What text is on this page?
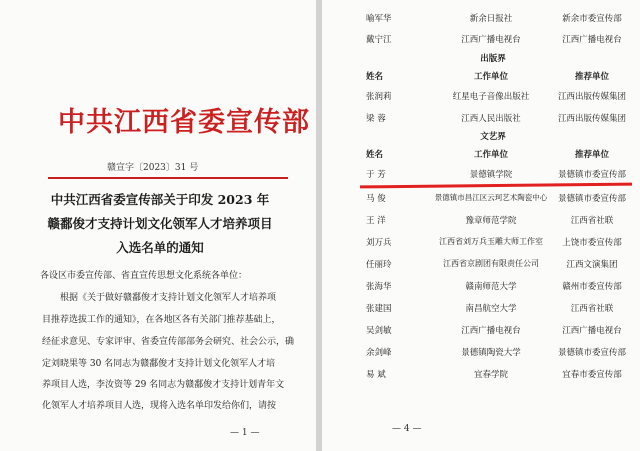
中共江西省委宣传部
赣宣字〔2023〕31 号
中共江西省委宣传部关于印发 2023 年
赣鄱俊才支持计划文化领军人才培养项目
入选名单的通知
各设区市委宣传部、省直宣传思想文化系统各单位：
根据《关于做好赣鄱俊才支持计划文化领军人才培养项
目推荐选拔工作的通知》，在各地区各有关部门推荐基础上，
经征求意见、专家评审、省委宣传部部务会研究、社会公示，确
定刘晓果等 30 名同志为赣鄱俊才支持计划文化领军人才培
养项目人选，李汝资等 29 名同志为赣鄱俊才支持计划青年文
化领军人才培养项目人选，现将入选名单印发给你们，请按
— 1 —
喻军华	新余日报社	新余市委宣传部
戴宁江	江西广播电视台	江西广播电视台
出版界
姓名	工作单位	推荐单位
张润莉	红星电子音像出版社	江西出版传媒集团
梁 蓉	江西人民出版社	江西出版传媒集团
文艺界
姓名	工作单位	推荐单位
于 芳	景德镇学院	景德镇市委宣传部
马 俊	景德镇市昌江区云珂艺术陶瓷中心	景德镇市委宣传部
王 洋	豫章师范学院	江西省社联
刘万兵	江西省刘万兵玉雕大师工作室	上饶市委宣传部
任丽玲	江西省京剧团有限责任公司	江西文演集团
张海华	赣南师范大学	赣州市委宣传部
张建国	南昌航空大学	江西省社联
吴剑敏	江西广播电视台	江西广播电视台
余剑峰	景德镇陶瓷大学	景德镇市委宣传部
易 斌	宜春学院	宜春市委宣传部
— 4 —
